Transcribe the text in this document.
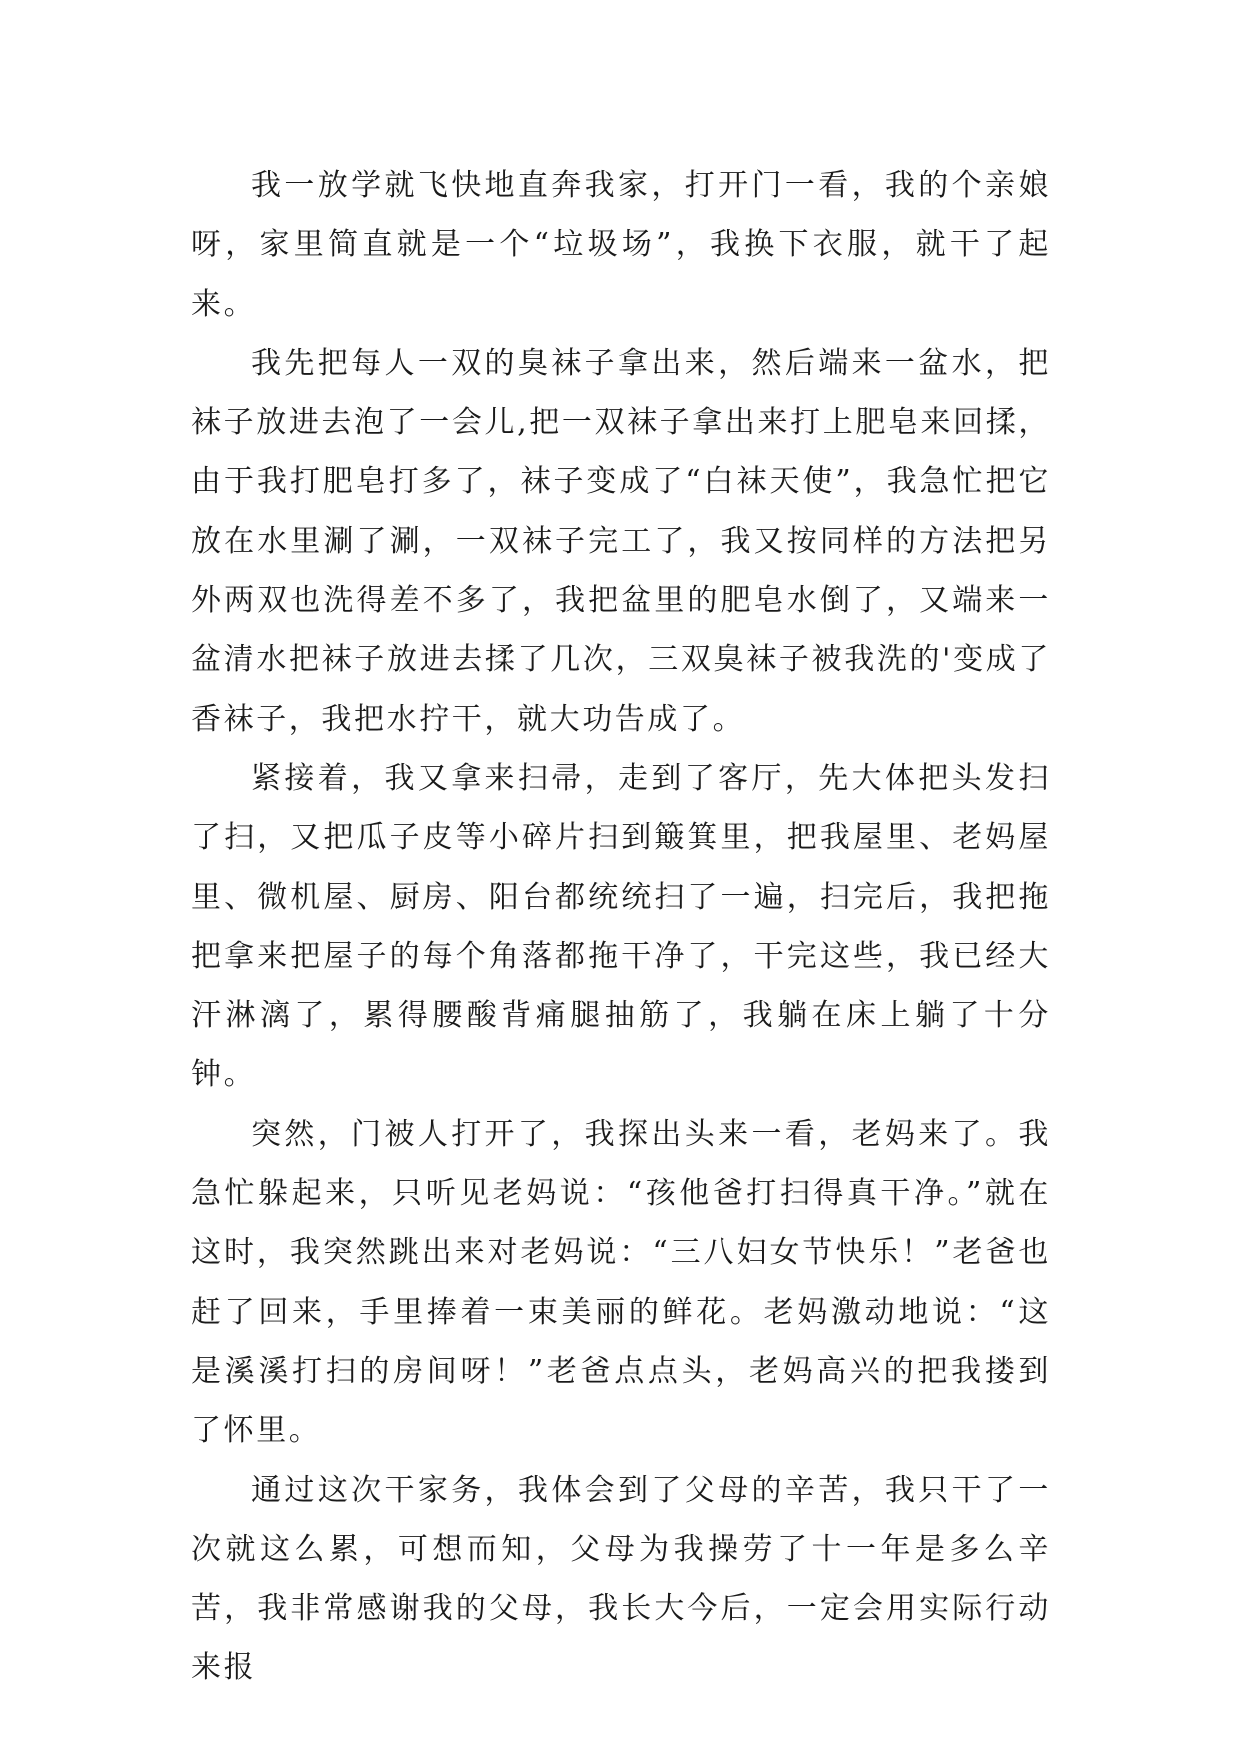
我一放学就飞快地直奔我家，打开门一看，我的个亲娘呀，家里简直就是一个“垃圾场”，我换下衣服，就干了起来。

我先把每人一双的臭袜子拿出来，然后端来一盆水，把袜子放进去泡了一会儿,把一双袜子拿出来打上肥皂来回揉，由于我打肥皂打多了，袜子变成了“白袜天使”，我急忙把它放在水里涮了涮，一双袜子完工了，我又按同样的方法把另外两双也洗得差不多了，我把盆里的肥皂水倒了，又端来一盆清水把袜子放进去揉了几次，三双臭袜子被我洗的'变成了香袜子，我把水拧干，就大功告成了。

紧接着，我又拿来扫帚，走到了客厅，先大体把头发扫了扫，又把瓜子皮等小碎片扫到簸箕里，把我屋里、老妈屋里、微机屋、厨房、阳台都统统扫了一遍，扫完后，我把拖把拿来把屋子的每个角落都拖干净了，干完这些，我已经大汗淋漓了，累得腰酸背痛腿抽筋了，我躺在床上躺了十分钟。

突然，门被人打开了，我探出头来一看，老妈来了。我急忙躲起来，只听见老妈说：“孩他爸打扫得真干净。”就在这时，我突然跳出来对老妈说：“三八妇女节快乐！”老爸也赶了回来，手里捧着一束美丽的鲜花。老妈激动地说：“这是溪溪打扫的房间呀！”老爸点点头，老妈高兴的把我搂到了怀里。

通过这次干家务，我体会到了父母的辛苦，我只干了一次就这么累，可想而知，父母为我操劳了十一年是多么辛苦，我非常感谢我的父母，我长大今后，一定会用实际行动来报
